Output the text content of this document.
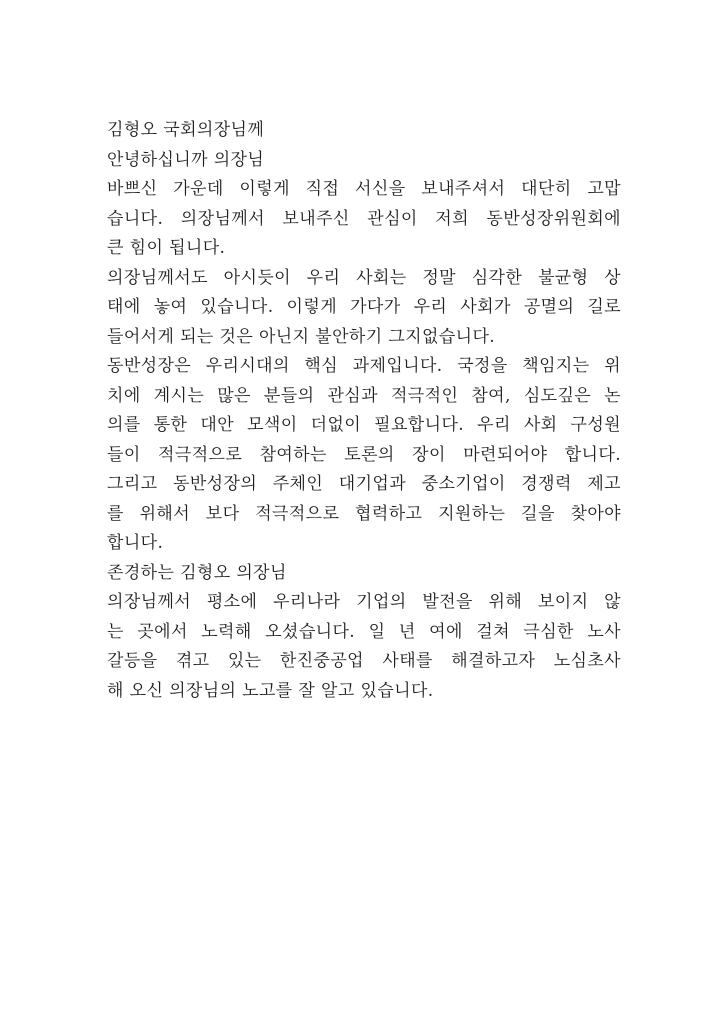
김형오 국회의장님께

안녕하십니까 의장님

바쁘신 가운데 이렇게 직접 서신을 보내주셔서 대단히 고맙
습니다. 의장님께서 보내주신 관심이 저희 동반성장위원회에
큰 힘이 됩니다.

의장님께서도 아시듯이 우리 사회는 정말 심각한 불균형 상
태에 놓여 있습니다. 이렇게 가다가 우리 사회가 공멸의 길로
들어서게 되는 것은 아닌지 불안하기 그지없습니다.

동반성장은 우리시대의 핵심 과제입니다. 국정을 책임지는 위
치에 계시는 많은 분들의 관심과 적극적인 참여, 심도깊은 논
의를 통한 대안 모색이 더없이 필요합니다. 우리 사회 구성원
들이 적극적으로 참여하는 토론의 장이 마련되어야 합니다.
그리고 동반성장의 주체인 대기업과 중소기업이 경쟁력 제고
를 위해서 보다 적극적으로 협력하고 지원하는 길을 찾아야
합니다.

존경하는 김형오 의장님

의장님께서 평소에 우리나라 기업의 발전을 위해 보이지 않
는 곳에서 노력해 오셨습니다. 일 년 여에 걸쳐 극심한 노사
갈등을 겪고 있는 한진중공업 사태를 해결하고자 노심초사
해 오신 의장님의 노고를 잘 알고 있습니다.
